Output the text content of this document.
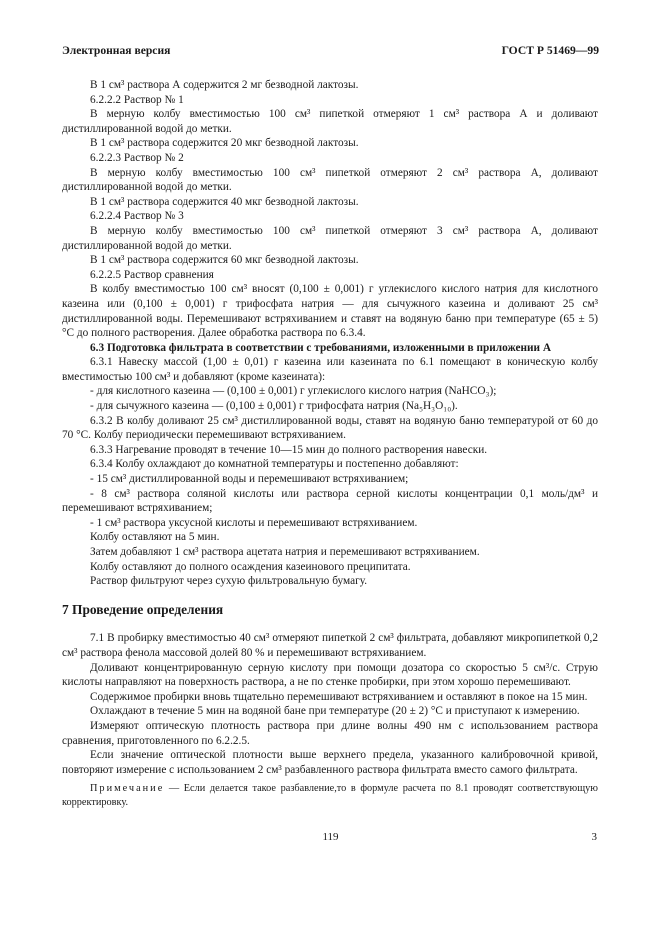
Электронная версия	ГОСТ Р 51469—99

В 1 см³ раствора А содержится 2 мг безводной лактозы.

6.2.2.2 Раствор № 1

В мерную колбу вместимостью 100 см³ пипеткой отмеряют 1 см³ раствора А и доливают дистиллированной водой до метки.

В 1 см³ раствора содержится 20 мкг безводной лактозы.

6.2.2.3 Раствор № 2

В мерную колбу вместимостью 100 см³ пипеткой отмеряют 2 см³ раствора А, доливают дистиллированной водой до метки.

В 1 см³ раствора содержится 40 мкг безводной лактозы.

6.2.2.4 Раствор № 3

В мерную колбу вместимостью 100 см³ пипеткой отмеряют 3 см³ раствора А, доливают дистиллированной водой до метки.

В 1 см³ раствора содержится 60 мкг безводной лактозы.

6.2.2.5 Раствор сравнения

В колбу вместимостью 100 см³ вносят (0,100 ± 0,001) г углекислого кислого натрия для кислотного казеина или (0,100 ± 0,001) г трифосфата натрия — для сычужного казеина и доливают 25 см³ дистиллированной воды. Перемешивают встряхиванием и ставят на водяную баню при температуре (65 ± 5) °С до полного растворения. Далее обработка раствора по 6.3.4.

6.3 Подготовка фильтрата в соответствии с требованиями, изложенными в приложении А

6.3.1 Навеску массой (1,00 ± 0,01) г казеина или казеината по 6.1 помещают в коническую колбу вместимостью 100 см³ и добавляют (кроме казеината):

- для кислотного казеина — (0,100 ± 0,001) г углекислого кислого натрия (NaHCO₃);

- для сычужного казеина — (0,100 ± 0,001) г трифосфата натрия (Na₅H₃O₁₀).

6.3.2 В колбу доливают 25 см³ дистиллированной воды, ставят на водяную баню температурой от 60 до 70 °С. Колбу периодически перемешивают встряхиванием.

6.3.3 Нагревание проводят в течение 10—15 мин до полного растворения навески.

6.3.4 Колбу охлаждают до комнатной температуры и постепенно добавляют:

- 15 см³ дистиллированной воды и перемешивают встряхиванием;

- 8 см³ раствора соляной кислоты или раствора серной кислоты концентрации 0,1 моль/дм³ и перемешивают встряхиванием;

- 1 см³ раствора уксусной кислоты и перемешивают встряхиванием.

Колбу оставляют на 5 мин.

Затем добавляют 1 см³ раствора ацетата натрия и перемешивают встряхиванием.

Колбу оставляют до полного осаждения казеинового преципитата.

Раствор фильтруют через сухую фильтровальную бумагу.

7 Проведение определения

7.1 В пробирку вместимостью 40 см³ отмеряют пипеткой 2 см³ фильтрата, добавляют микропипеткой 0,2 см³ раствора фенола массовой долей 80 % и перемешивают встряхиванием.

Доливают концентрированную серную кислоту при помощи дозатора со скоростью 5 см³/с. Струю кислоты направляют на поверхность раствора, а не по стенке пробирки, при этом хорошо перемешивают.

Содержимое пробирки вновь тщательно перемешивают встряхиванием и оставляют в покое на 15 мин.

Охлаждают в течение 5 мин на водяной бане при температуре (20 ± 2) °С и приступают к измерению.

Измеряют оптическую плотность раствора при длине волны 490 нм с использованием раствора сравнения, приготовленного по 6.2.2.5.

Если значение оптической плотности выше верхнего предела, указанного калибровочной кривой, повторяют измерение с использованием 2 см³ разбавленного раствора фильтрата вместо самого фильтрата.

Примечание — Если делается такое разбавление,то в формуле расчета по 8.1 проводят соответствующую корректировку.

119	3
